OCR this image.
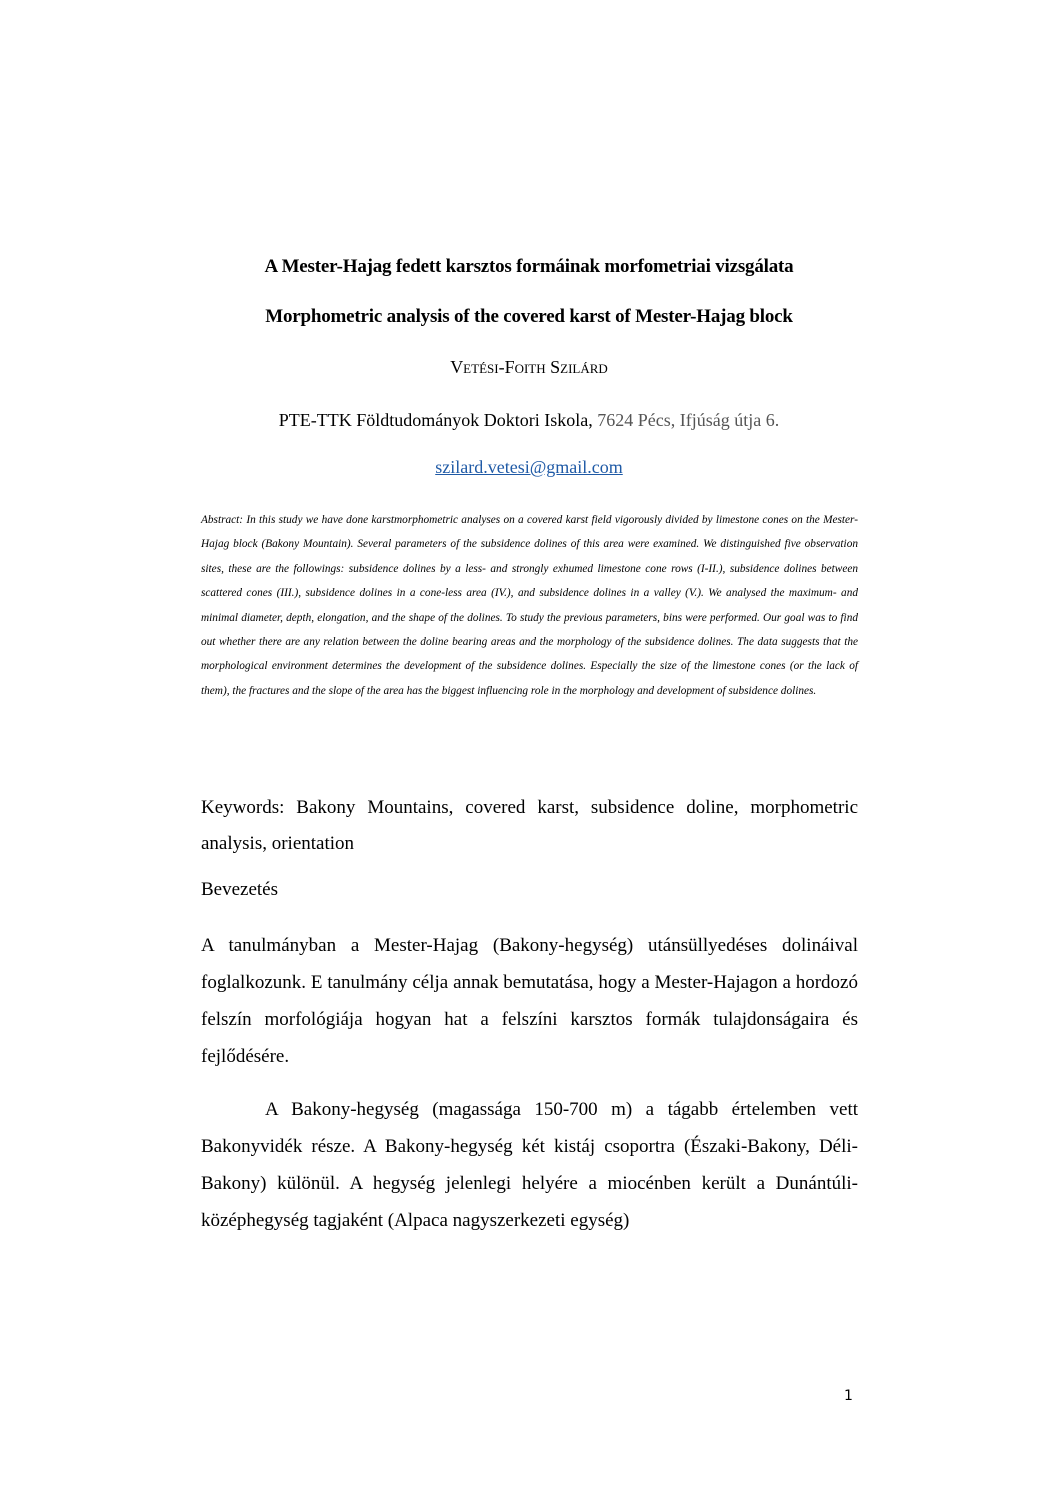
A Mester-Hajag fedett karsztos formáinak morfometriai vizsgálata
Morphometric analysis of the covered karst of Mester-Hajag block
Vetési-Foith Szilárd
PTE-TTK Földtudományok Doktori Iskola, 7624 Pécs, Ifjúság útja 6.
szilard.vetesi@gmail.com
Abstract: In this study we have done karstmorphometric analyses on a covered karst field vigorously divided by limestone cones on the Mester-Hajag block (Bakony Mountain). Several parameters of the subsidence dolines of this area were examined. We distinguished five observation sites, these are the followings: subsidence dolines by a less- and strongly exhumed limestone cone rows (I-II.), subsidence dolines between scattered cones (III.), subsidence dolines in a cone-less area (IV.), and subsidence dolines in a valley (V.). We analysed the maximum- and minimal diameter, depth, elongation, and the shape of the dolines. To study the previous parameters, bins were performed. Our goal was to find out whether there are any relation between the doline bearing areas and the morphology of the subsidence dolines. The data suggests that the morphological environment determines the development of the subsidence dolines. Especially the size of the limestone cones (or the lack of them), the fractures and the slope of the area has the biggest influencing role in the morphology and development of subsidence dolines.
Keywords: Bakony Mountains, covered karst, subsidence doline, morphometric analysis, orientation
Bevezetés
A tanulmányban a Mester-Hajag (Bakony-hegység) utánsüllyedéses dolináival foglalkozunk. E tanulmány célja annak bemutatása, hogy a Mester-Hajagon a hordozó felszín morfológiája hogyan hat a felszíni karsztos formák tulajdonságaira és fejlődésére.
A Bakony-hegység (magassága 150-700 m) a tágabb értelemben vett Bakonyvidék része. A Bakony-hegység két kistáj csoportra (Északi-Bakony, Déli-Bakony) különül. A hegység jelenlegi helyére a miocénben került a Dunántúli-középhegység tagjaként (Alpaca nagyszerkezeti egység)
1
